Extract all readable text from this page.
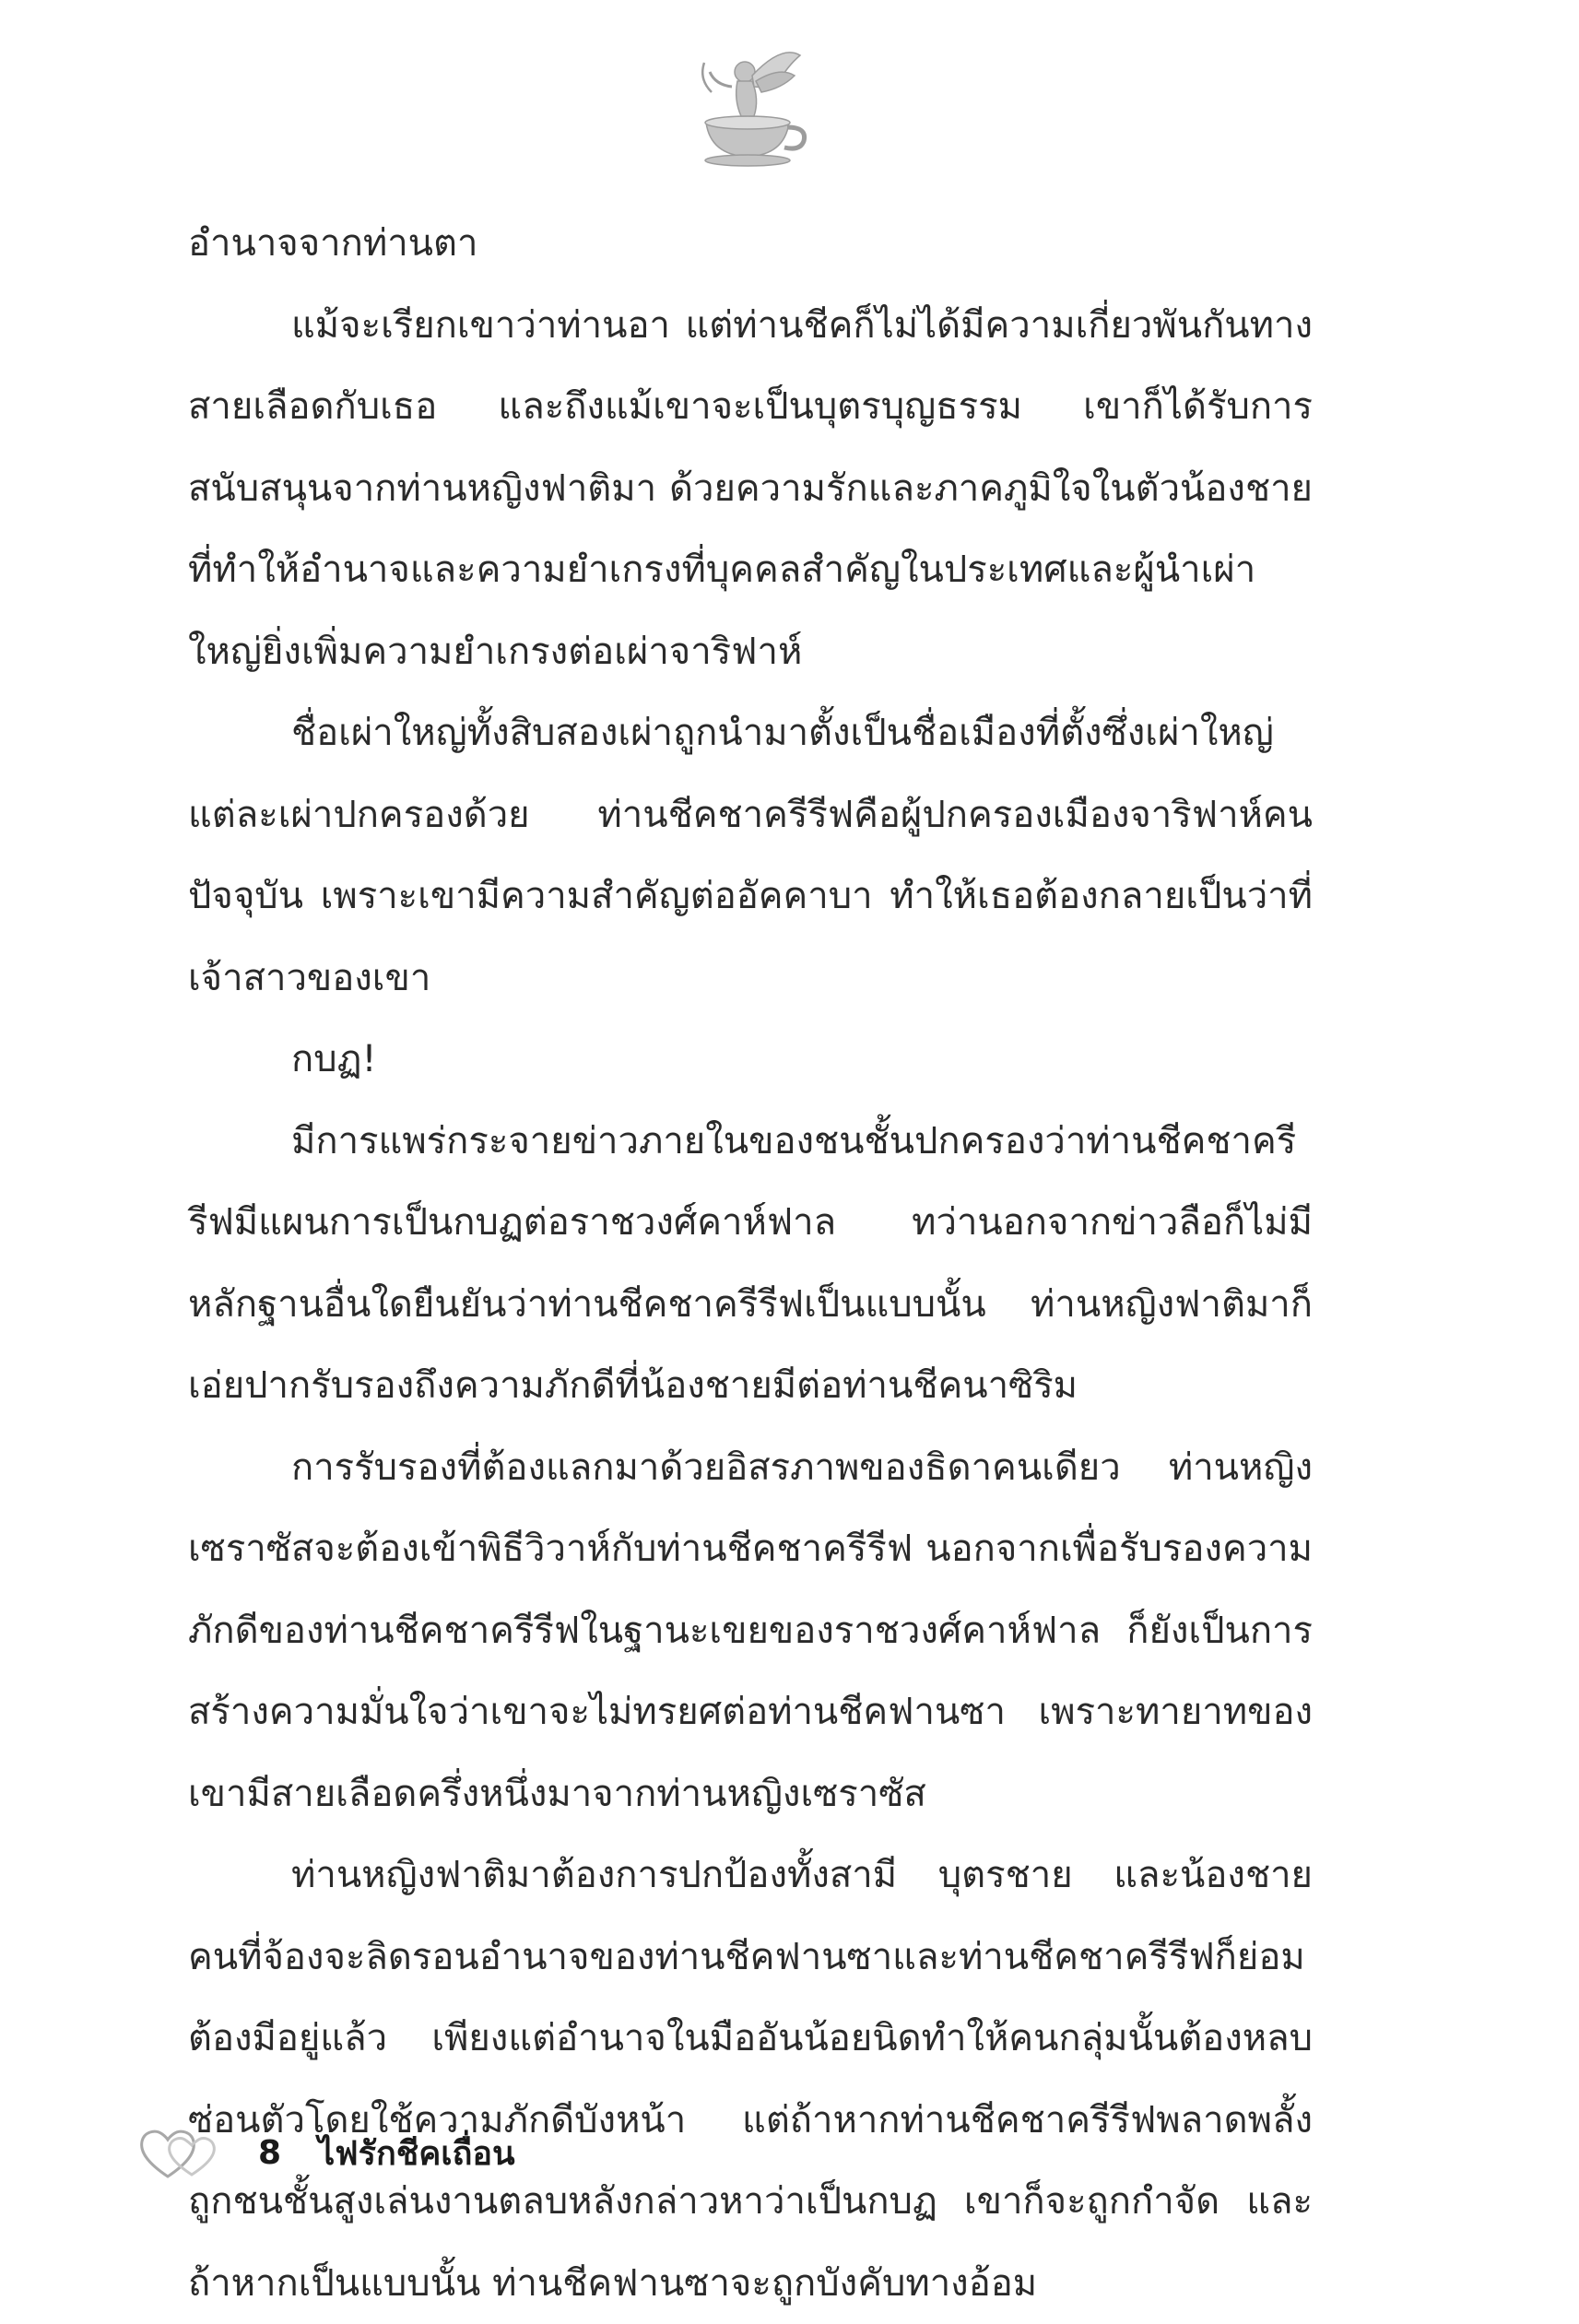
อำนาจจากท่านตา

แม้จะเรียกเขาว่าท่านอา แต่ท่านชีคก็ไม่ได้มีความเกี่ยวพันกันทางสายเลือดกับเธอ และถึงแม้เขาจะเป็นบุตรบุญธรรม เขาก็ได้รับการสนับสนุนจากท่านหญิงฟาติมา ด้วยความรักและภาคภูมิใจในตัวน้องชายที่ทำให้อำนาจและความยำเกรงที่บุคคลสำคัญในประเทศและผู้นำเผ่าใหญ่ยิ่งเพิ่มความยำเกรงต่อเผ่าจาริฟาห์

ชื่อเผ่าใหญ่ทั้งสิบสองเผ่าถูกนำมาตั้งเป็นชื่อเมืองที่ตั้งซึ่งเผ่าใหญ่แต่ละเผ่าปกครองด้วย ท่านชีคชาครีรีฟคือผู้ปกครองเมืองจาริฟาห์คนปัจจุบัน เพราะเขามีความสำคัญต่ออัคคาบา ทำให้เธอต้องกลายเป็นว่าที่เจ้าสาวของเขา

กบฏ!

มีการแพร่กระจายข่าวภายในของชนชั้นปกครองว่าท่านชีคชาครีรีฟมีแผนการเป็นกบฏต่อราชวงศ์คาห์ฟาล ทว่านอกจากข่าวลือก็ไม่มีหลักฐานอื่นใดยืนยันว่าท่านชีคชาครีรีฟเป็นแบบนั้น ท่านหญิงฟาติมาก็เอ่ยปากรับรองถึงความภักดีที่น้องชายมีต่อท่านชีคนาซิริม

การรับรองที่ต้องแลกมาด้วยอิสรภาพของธิดาคนเดียว ท่านหญิงเซราซัสจะต้องเข้าพิธีวิวาห์กับท่านชีคชาครีรีฟ นอกจากเพื่อรับรองความภักดีของท่านชีคชาครีรีฟในฐานะเขยของราชวงศ์คาห์ฟาล ก็ยังเป็นการสร้างความมั่นใจว่าเขาจะไม่ทรยศต่อท่านชีคฟานซา เพราะทายาทของเขามีสายเลือดครึ่งหนึ่งมาจากท่านหญิงเซราซัส

ท่านหญิงฟาติมาต้องการปกป้องทั้งสามี บุตรชาย และน้องชาย คนที่จ้องจะลิดรอนอำนาจของท่านชีคฟานซาและท่านชีคชาครีรีฟก็ย่อมต้องมีอยู่แล้ว เพียงแต่อำนาจในมืออันน้อยนิดทำให้คนกลุ่มนั้นต้องหลบซ่อนตัวโดยใช้ความภักดีบังหน้า แต่ถ้าหากท่านชีคชาครีรีฟพลาดพลั้งถูกชนชั้นสูงเล่นงานตลบหลังกล่าวหาว่าเป็นกบฏ เขาก็จะถูกกำจัด และถ้าหากเป็นแบบนั้น ท่านชีคฟานซาจะถูกบังคับทางอ้อม

8 ไฟรักชีคเถื่อน
